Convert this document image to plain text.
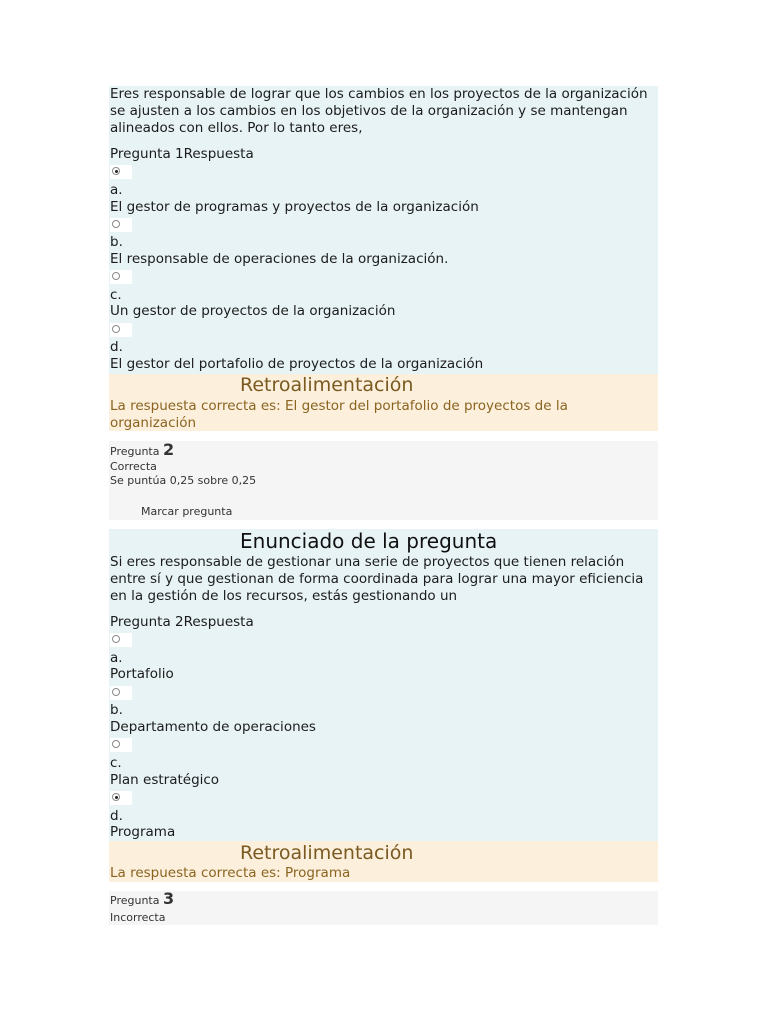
Eres responsable de lograr que los cambios en los proyectos de la organización se ajusten a los cambios en los objetivos de la organización y se mantengan alineados con ellos. Por lo tanto eres,
Pregunta 1Respuesta
a.
El gestor de programas y proyectos de la organización
b.
El responsable de operaciones de la organización.
c.
Un gestor de proyectos de la organización
d.
El gestor del portafolio de proyectos de la organización
Retroalimentación
La respuesta correcta es: El gestor del portafolio de proyectos de la organización
Pregunta 2
Correcta
Se puntúa 0,25 sobre 0,25
Marcar pregunta
Enunciado de la pregunta
Si eres responsable de gestionar una serie de proyectos que tienen relación entre sí y que gestionan de forma coordinada para lograr una mayor eficiencia en la gestión de los recursos, estás gestionando un
Pregunta 2Respuesta
a.
Portafolio
b.
Departamento de operaciones
c.
Plan estratégico
d.
Programa
Retroalimentación
La respuesta correcta es: Programa
Pregunta 3
Incorrecta
